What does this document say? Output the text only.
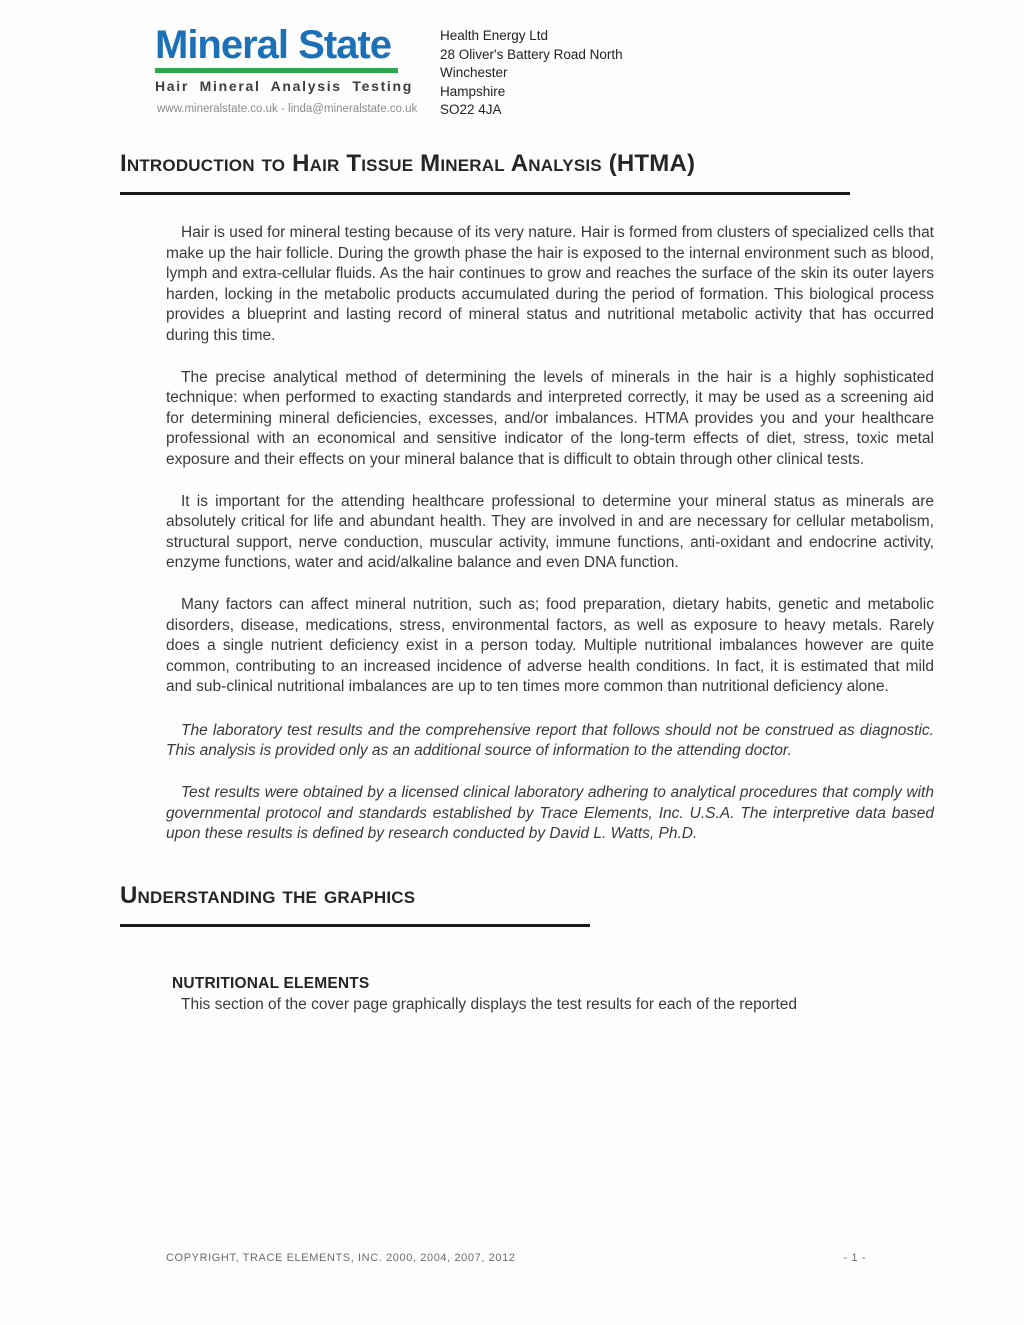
Mineral State
Hair Mineral Analysis Testing
www.mineralstate.co.uk - linda@mineralstate.co.uk
Health Energy Ltd
28 Oliver's Battery Road North
Winchester
Hampshire
SO22 4JA
Introduction to Hair Tissue Mineral Analysis (HTMA)

Hair is used for mineral testing because of its very nature. Hair is formed from clusters of specialized cells that make up the hair follicle. During the growth phase the hair is exposed to the internal environment such as blood, lymph and extra-cellular fluids. As the hair continues to grow and reaches the surface of the skin its outer layers harden, locking in the metabolic products accumulated during the period of formation. This biological process provides a blueprint and lasting record of mineral status and nutritional metabolic activity that has occurred during this time.

The precise analytical method of determining the levels of minerals in the hair is a highly sophisticated technique: when performed to exacting standards and interpreted correctly, it may be used as a screening aid for determining mineral deficiencies, excesses, and/or imbalances. HTMA provides you and your healthcare professional with an economical and sensitive indicator of the long-term effects of diet, stress, toxic metal exposure and their effects on your mineral balance that is difficult to obtain through other clinical tests.

It is important for the attending healthcare professional to determine your mineral status as minerals are absolutely critical for life and abundant health. They are involved in and are necessary for cellular metabolism, structural support, nerve conduction, muscular activity, immune functions, anti-oxidant and endocrine activity, enzyme functions, water and acid/alkaline balance and even DNA function.

Many factors can affect mineral nutrition, such as; food preparation, dietary habits, genetic and metabolic disorders, disease, medications, stress, environmental factors, as well as exposure to heavy metals. Rarely does a single nutrient deficiency exist in a person today. Multiple nutritional imbalances however are quite common, contributing to an increased incidence of adverse health conditions. In fact, it is estimated that mild and sub-clinical nutritional imbalances are up to ten times more common than nutritional deficiency alone.

The laboratory test results and the comprehensive report that follows should not be construed as diagnostic. This analysis is provided only as an additional source of information to the attending doctor.

Test results were obtained by a licensed clinical laboratory adhering to analytical procedures that comply with governmental protocol and standards established by Trace Elements, Inc. U.S.A. The interpretive data based upon these results is defined by research conducted by David L. Watts, Ph.D.

Understanding the graphics
NUTRITIONAL ELEMENTS

This section of the cover page graphically displays the test results for each of the reported

COPYRIGHT, TRACE ELEMENTS, INC. 2000, 2004, 2007, 2012	- 1 -
